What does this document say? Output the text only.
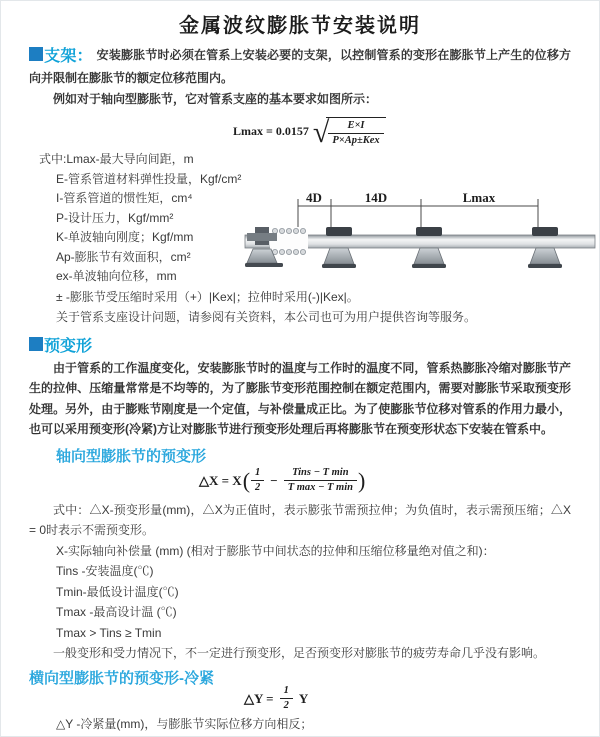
金属波纹膨胀节安装说明
支架： 安装膨胀节时必须在管系上安装必要的支架，以控制管系的变形在膨胀节上产生的位移方向并限制在膨胀节的额定位移范围内。
例如对于轴向型膨胀节，它对管系支座的基本要求如图所示：
Lmax = 0.0157 √ $\frac{E\times I}{\text{P×Ap±Kex}}$
式中:Lmax-最大导向间距，m
E-管系管道材料弹性投量，Kgf/cm²
I-管系管道的惯性矩，cm⁴
P-设计压力，Kgf/mm²
K-单波轴向刚度；Kgf/mm
Ap-膨胀节有效面积，cm²
ex-单波轴向位移，mm
± -膨胀节受压缩时采用（+）|Kex|；拉伸时采用(-)|Kex|。
关于管系支座设计问题，请参阅有关资料，本公司也可为用户提供咨询等服务。
4D	14D	Lmax
预变形
由于管系的工作温度变化，安装膨胀节时的温度与工作时的温度不同，管系热膨胀冷缩对膨胀节产生的拉伸、压缩量常常是不均等的，为了膨胀节变形范围控制在额定范围内，需要对膨胀节采取预变形处理。另外，由于膨账节刚度是一个定值，与补偿量成正比。为了使膨胀节位移对管系的作用力最小，也可以采用预变形(冷紧)方让对膨胀节进行预变形处理后再将膨胀节在预变形状态下安装在管系中。
轴向型膨胀节的预变形
△X = X ( $\frac{1}{2} - \frac{\text{Tins − T min}}{\text{T max − T min}}$ )
式中：△X-预变形量(mm)，△X为正值时，表示膨张节需预拉伸；为负值时，表示需预压缩；△X = 0时表示不需预变形。
X-实际轴向补偿量 (mm) (相对于膨胀节中间状态的拉伸和压缩位移量绝对值之和)：
Tins -安装温度(℃)
Tmin-最低设计温度(℃)
Tmax -最高设计温 (℃)
Tmax > Tins ≥ Tmin
一般变形和受力情况下，不一定进行预变形，足否预变形对膨胀节的疲劳寿命几乎没有影响。
横向型膨胀节的预变形-冷紧
△Y = $\frac{1}{2}$ Y
△Y -冷紧量(mm)，与膨胀节实际位移方向相反；
